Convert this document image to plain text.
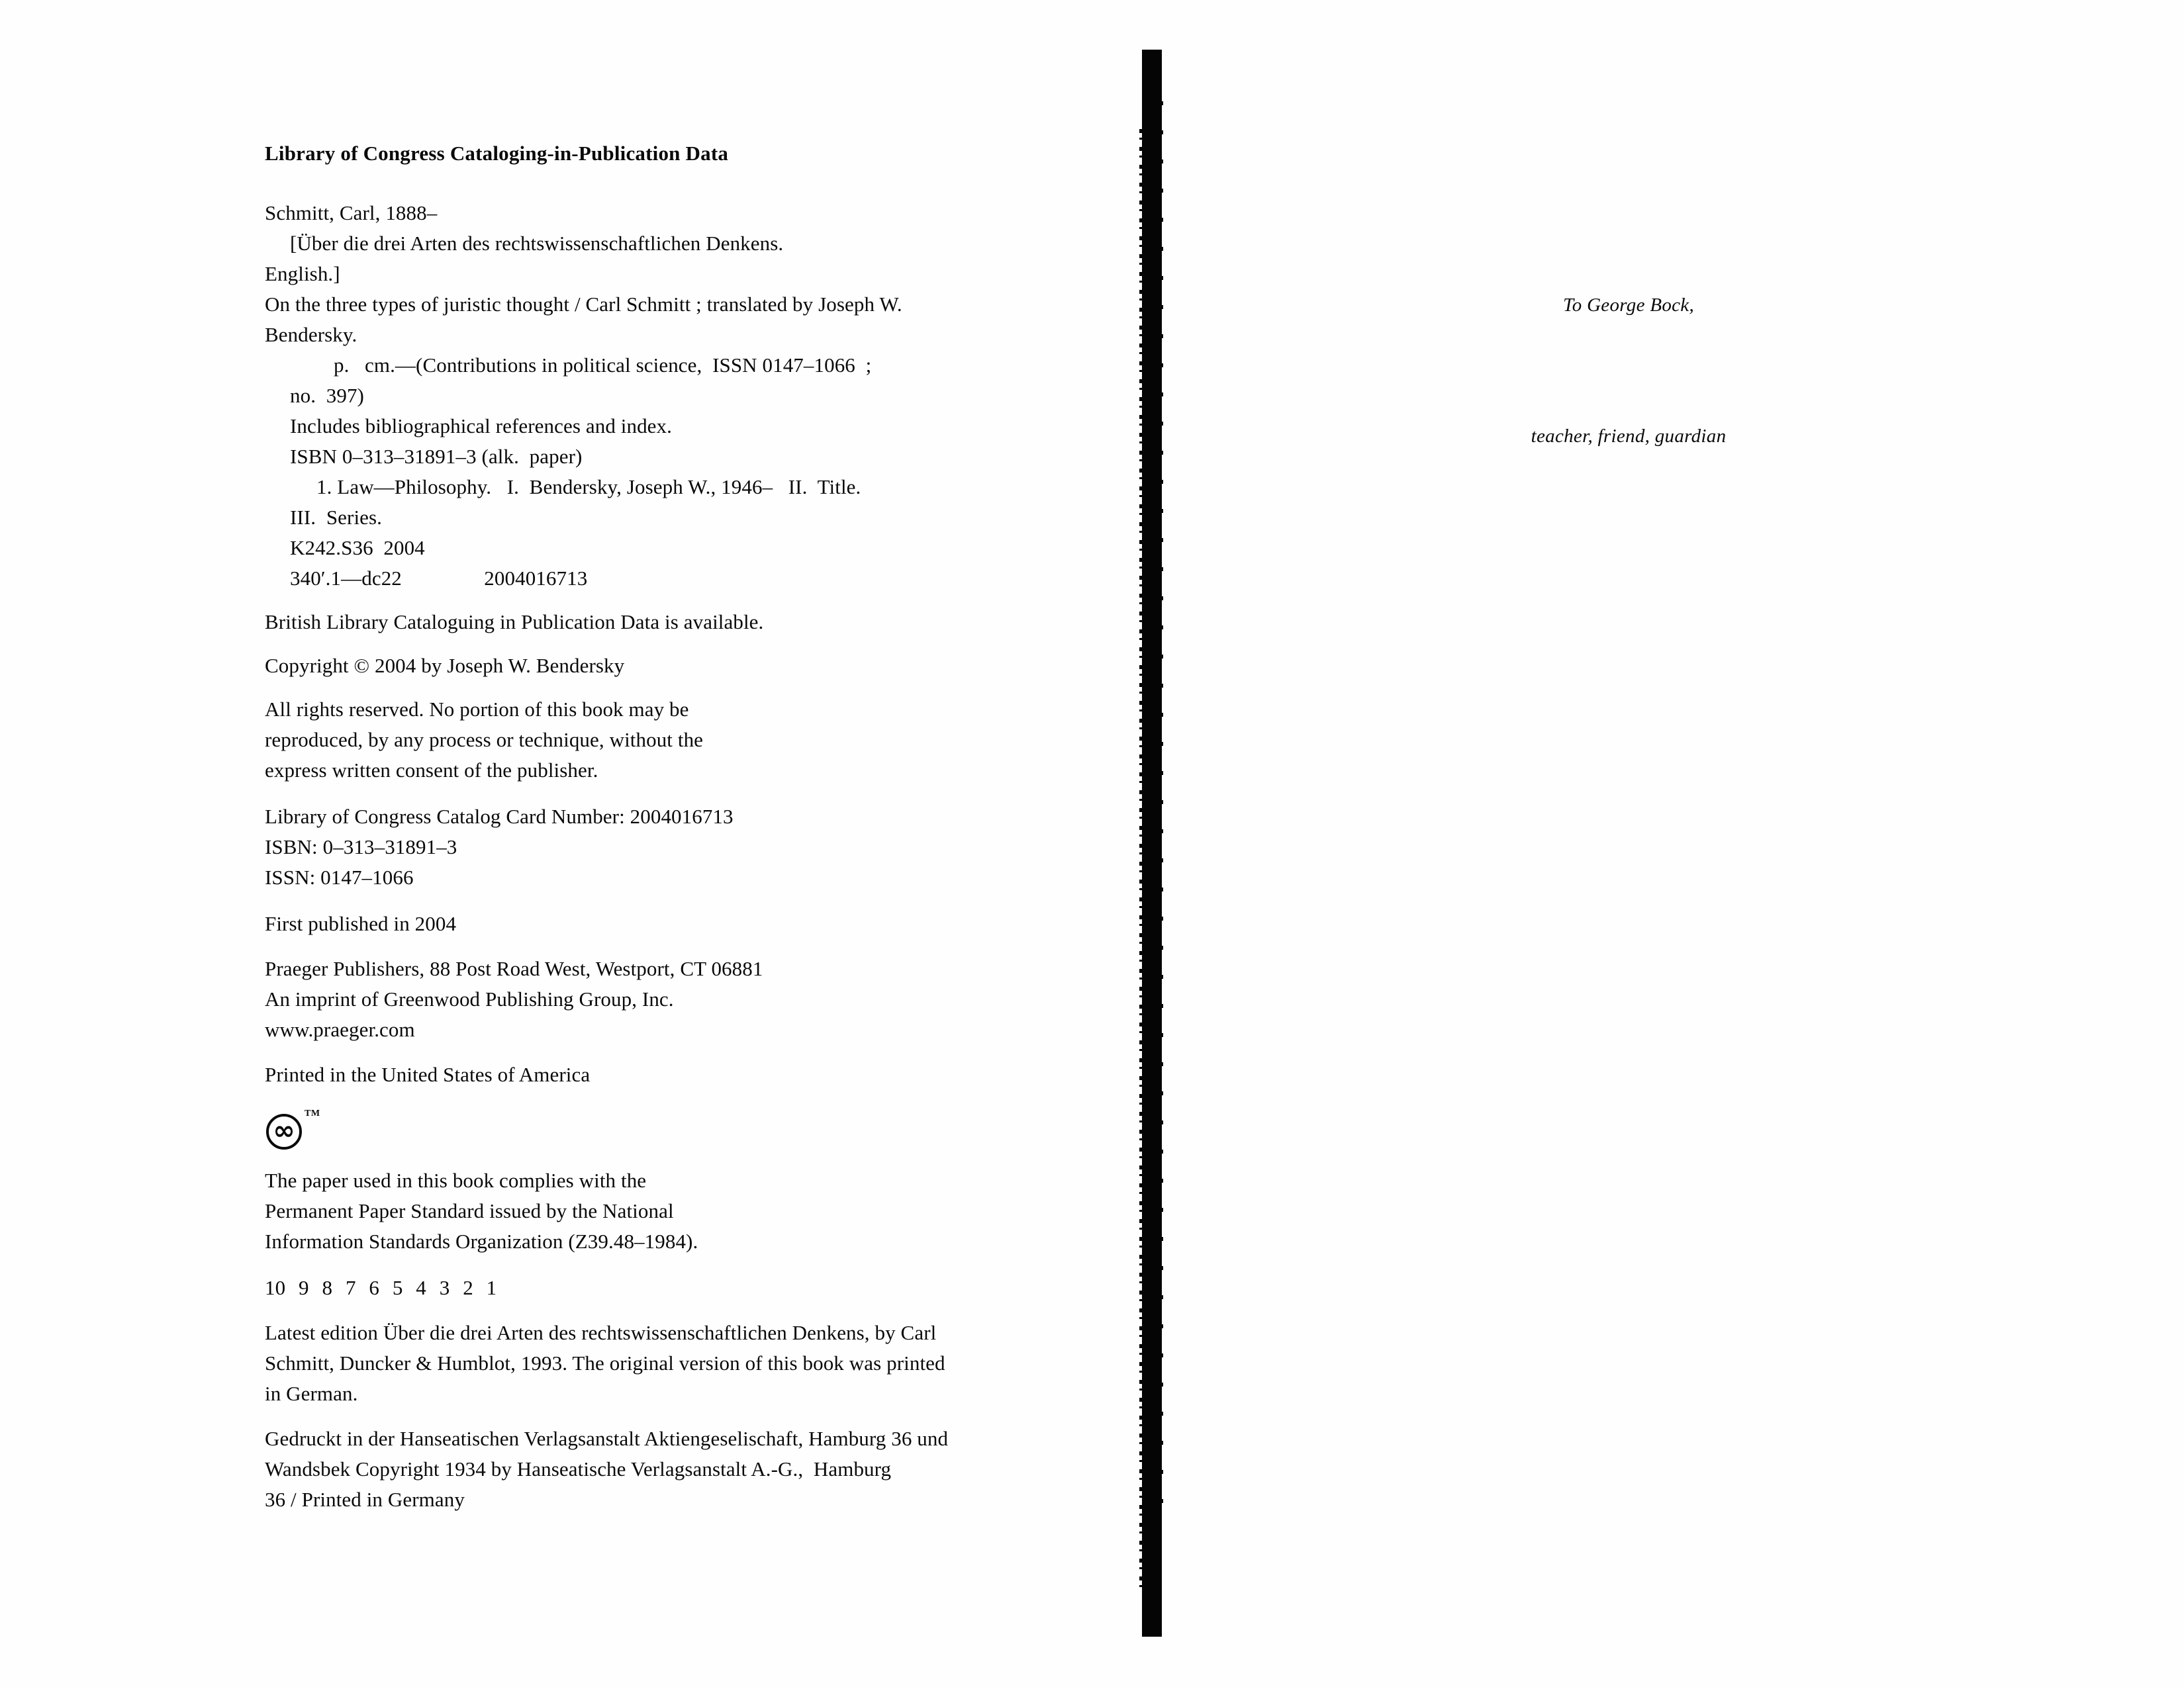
Library of Congress Cataloging-in-Publication Data

Schmitt, Carl, 1888–
[Über die drei Arten des rechtswissenschaftlichen Denkens.
English.]
On the three types of juristic thought / Carl Schmitt ; translated by Joseph W.
Bendersky.
p.   cm.—(Contributions in political science,  ISSN 0147–1066  ;
no.  397)
Includes bibliographical references and index.
ISBN 0–313–31891–3 (alk.  paper)
1. Law—Philosophy.   I.  Bendersky, Joseph W., 1946–   II.  Title.
III.  Series.
K242.S36  2004
340′.1—dc22    2004016713

British Library Cataloguing in Publication Data is available.

Copyright © 2004 by Joseph W. Bendersky

All rights reserved. No portion of this book may be
reproduced, by any process or technique, without the
express written consent of the publisher.

Library of Congress Catalog Card Number: 2004016713
ISBN: 0–313–31891–3
ISSN: 0147–1066

First published in 2004

Praeger Publishers, 88 Post Road West, Westport, CT 06881
An imprint of Greenwood Publishing Group, Inc.
www.praeger.com

Printed in the United States of America

∞
TM

The paper used in this book complies with the
Permanent Paper Standard issued by the National
Information Standards Organization (Z39.48–1984).

10 9 8 7 6 5 4 3 2 1

Latest edition Über die drei Arten des rechtswissenschaftlichen Denkens, by Carl
Schmitt, Duncker & Humblot, 1993. The original version of this book was printed
in German.

Gedruckt in der Hanseatischen Verlagsanstalt Aktiengeselischaft, Hamburg 36 und
Wandsbek Copyright 1934 by Hanseatische Verlagsanstalt A.-G.,  Hamburg
36 / Printed in Germany

To George Bock,

teacher, friend, guardian
